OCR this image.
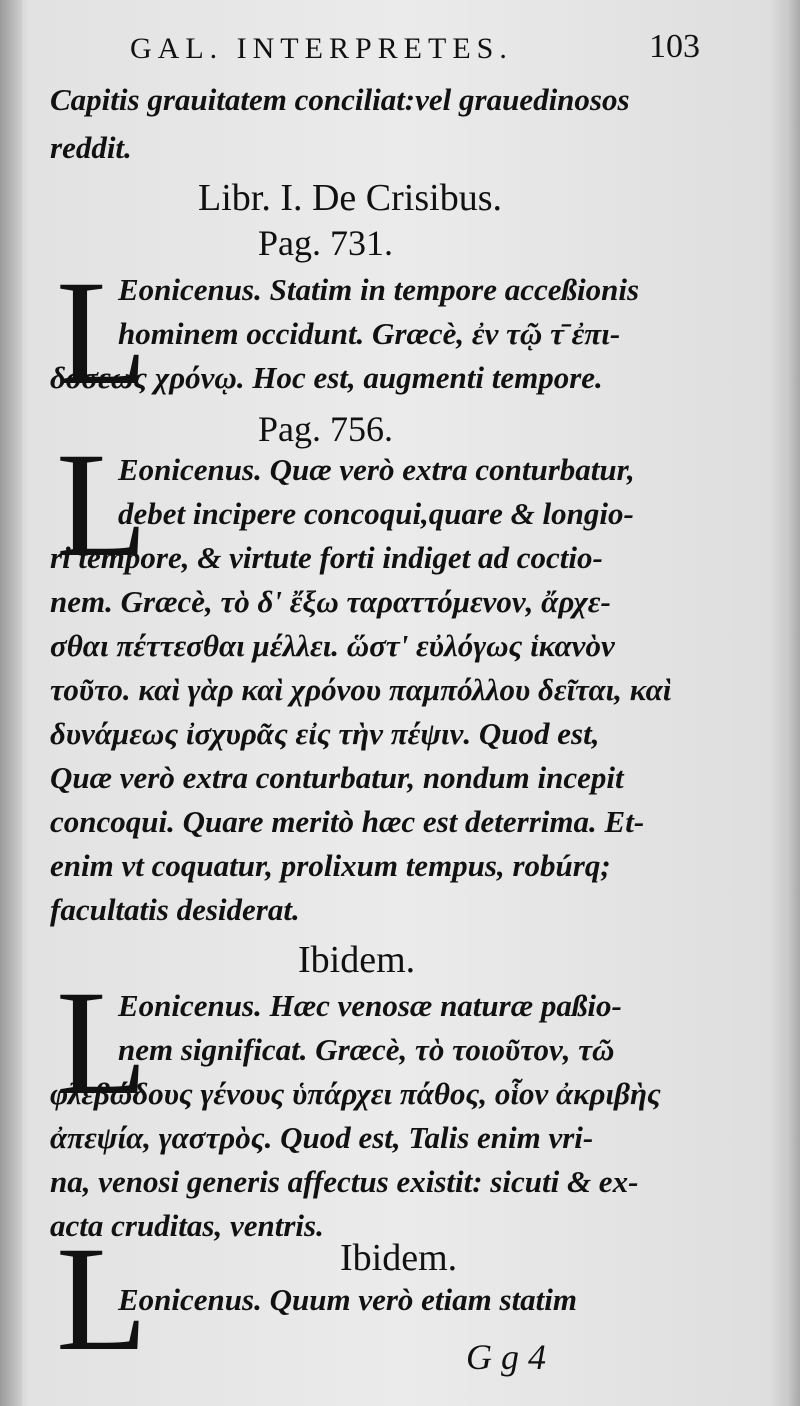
GAL. INTERPRETES.	103
Capitis grauitatem conciliat:vel grauedinosos
reddit.
Libr. I. De Crisibus.
Pag. 731.
L
Eonicenus. Statim in tempore acceßionis
hominem occidunt. Græcè, ἐν τῷ τ̄ ἐπι-
δόσεως χρόνῳ. Hoc est, augmenti tempore.
Pag. 756.
L
Eonicenus. Quæ verò extra conturbatur,
debet incipere concoqui,quare & longio-
ri tempore, & virtute forti indiget ad coctio-
nem. Græcè, τὸ δ' ἔξω ταραττόμενον, ἄρχε-
σθαι πέττεσθαι μέλλει. ὥστ' εὐλόγως ἱκανὸν
τοῦτο. καὶ γὰρ καὶ χρόνου παμπόλλου δεῖται, καὶ
δυνάμεως ἰσχυρᾶς εἰς τὴν πέψιν. Quod est,
Quæ verò extra conturbatur, nondum incepit
concoqui. Quare meritò hæc est deterrima. Et-
enim vt coquatur, prolixum tempus, robúrq;
facultatis desiderat.
Ibidem.
L
Eonicenus. Hæc venosæ naturæ paßio-
nem significat. Græcè, τὸ τοιοῦτον, τῶ
φλεβώδους γένους ὑπάρχει πάθος, οἷον ἀκριβὴς
ἀπεψία, γαστρὸς. Quod est, Talis enim vri-
na, venosi generis affectus existit: sicuti & ex-
acta cruditas, ventris.
Ibidem.
L
Eonicenus. Quum verò etiam statim
G g 4
